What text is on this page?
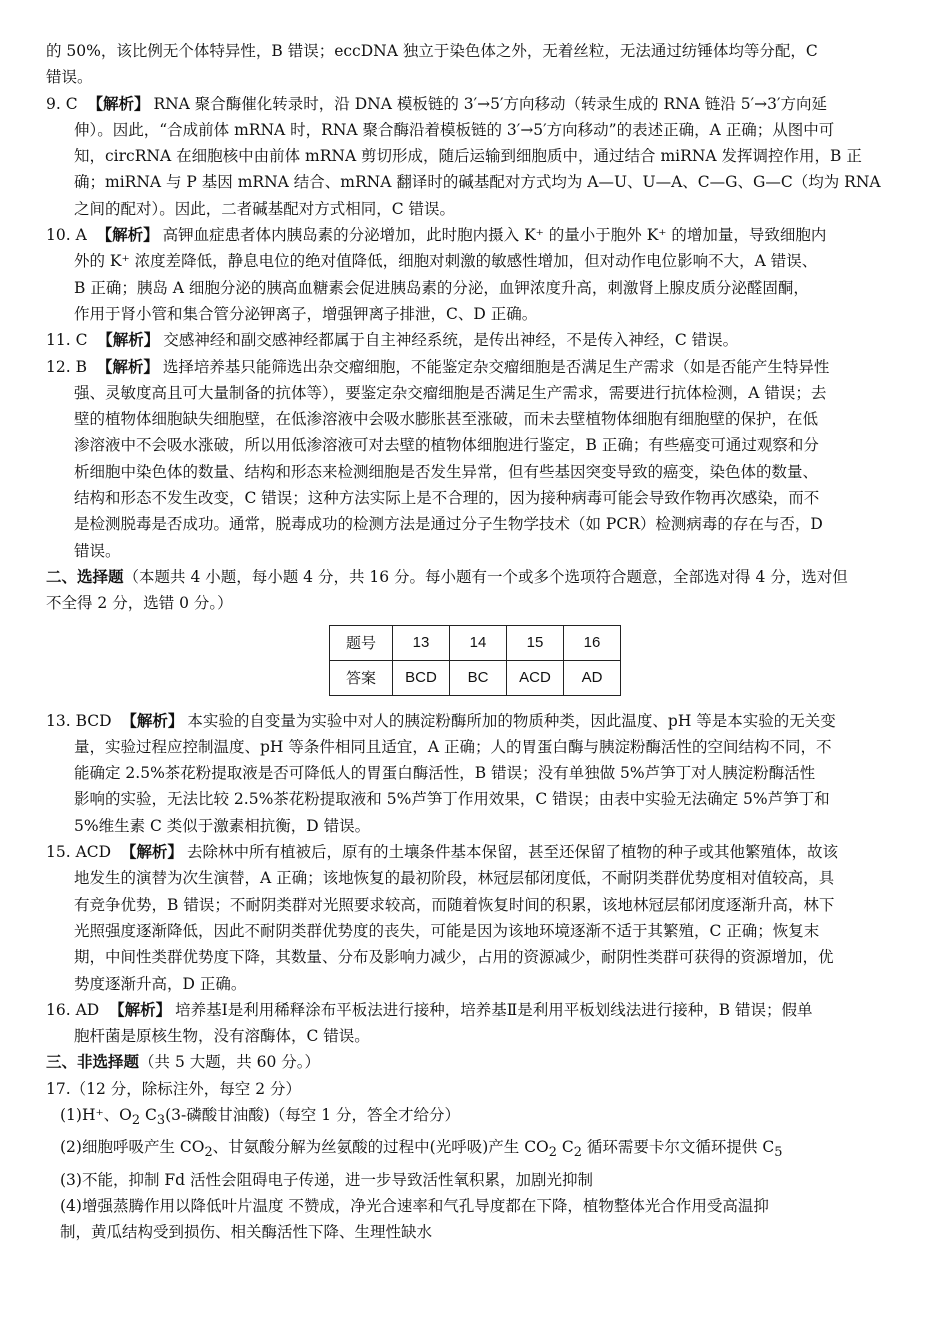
的 50%，该比例无个体特异性，B 错误；eccDNA 独立于染色体之外，无着丝粒，无法通过纺锤体均等分配，C
错误。
9. C 【解析】 RNA 聚合酶催化转录时，沿 DNA 模板链的 3′→5′方向移动（转录生成的 RNA 链沿 5′→3′方向延
伸）。因此，“合成前体 mRNA 时，RNA 聚合酶沿着模板链的 3′→5′方向移动”的表述正确，A 正确；从图中可
知，circRNA 在细胞核中由前体 mRNA 剪切形成，随后运输到细胞质中，通过结合 miRNA 发挥调控作用，B 正
确；miRNA 与 P 基因 mRNA 结合、mRNA 翻译时的碱基配对方式均为 A—U、U—A、C—G、G—C（均为 RNA
之间的配对）。因此，二者碱基配对方式相同，C 错误。
10. A 【解析】 高钾血症患者体内胰岛素的分泌增加，此时胞内摄入 K⁺ 的量小于胞外 K⁺ 的增加量，导致细胞内
外的 K⁺ 浓度差降低，静息电位的绝对值降低，细胞对刺激的敏感性增加，但对动作电位影响不大，A 错误、
B 正确；胰岛 A 细胞分泌的胰高血糖素会促进胰岛素的分泌，血钾浓度升高，刺激肾上腺皮质分泌醛固酮，
作用于肾小管和集合管分泌钾离子，增强钾离子排泄，C、D 正确。
11. C 【解析】 交感神经和副交感神经都属于自主神经系统，是传出神经，不是传入神经，C 错误。
12. B 【解析】 选择培养基只能筛选出杂交瘤细胞，不能鉴定杂交瘤细胞是否满足生产需求（如是否能产生特异性
强、灵敏度高且可大量制备的抗体等），要鉴定杂交瘤细胞是否满足生产需求，需要进行抗体检测，A 错误；去
壁的植物体细胞缺失细胞壁，在低渗溶液中会吸水膨胀甚至涨破，而未去壁植物体细胞有细胞壁的保护，在低
渗溶液中不会吸水涨破，所以用低渗溶液可对去壁的植物体细胞进行鉴定，B 正确；有些癌变可通过观察和分
析细胞中染色体的数量、结构和形态来检测细胞是否发生异常，但有些基因突变导致的癌变，染色体的数量、
结构和形态不发生改变，C 错误；这种方法实际上是不合理的，因为接种病毒可能会导致作物再次感染，而不
是检测脱毒是否成功。通常，脱毒成功的检测方法是通过分子生物学技术（如 PCR）检测病毒的存在与否，D
错误。
二、选择题（本题共 4 小题，每小题 4 分，共 16 分。每小题有一个或多个选项符合题意，全部选对得 4 分，选对但
不全得 2 分，选错 0 分。）
题号	13	14	15	16
答案	BCD	BC	ACD	AD
13. BCD 【解析】 本实验的自变量为实验中对人的胰淀粉酶所加的物质种类，因此温度、pH 等是本实验的无关变
量，实验过程应控制温度、pH 等条件相同且适宜，A 正确；人的胃蛋白酶与胰淀粉酶活性的空间结构不同，不
能确定 2.5%茶花粉提取液是否可降低人的胃蛋白酶活性，B 错误；没有单独做 5%芦笋丁对人胰淀粉酶活性
影响的实验，无法比较 2.5%茶花粉提取液和 5%芦笋丁作用效果，C 错误；由表中实验无法确定 5%芦笋丁和
5%维生素 C 类似于激素相抗衡，D 错误。
15. ACD 【解析】 去除林中所有植被后，原有的土壤条件基本保留，甚至还保留了植物的种子或其他繁殖体，故该
地发生的演替为次生演替，A 正确；该地恢复的最初阶段，林冠层郁闭度低，不耐阴类群优势度相对值较高，具
有竞争优势，B 错误；不耐阴类群对光照要求较高，而随着恢复时间的积累，该地林冠层郁闭度逐渐升高，林下
光照强度逐渐降低，因此不耐阴类群优势度的丧失，可能是因为该地环境逐渐不适于其繁殖，C 正确；恢复末
期，中间性类群优势度下降，其数量、分布及影响力减少，占用的资源减少，耐阴性类群可获得的资源增加，优
势度逐渐升高，D 正确。
16. AD 【解析】 培养基Ⅰ是利用稀释涂布平板法进行接种，培养基Ⅱ是利用平板划线法进行接种，B 错误；假单
胞杆菌是原核生物，没有溶酶体，C 错误。
三、非选择题（共 5 大题，共 60 分。）
17.（12 分，除标注外，每空 2 分）
(1)H⁺、$O_2$ $C_3(3-$磷酸甘油酸)（每空 1 分，答全才给分）
(2)细胞呼吸产生 $CO_2$、甘氨酸分解为丝氨酸的过程中(光呼吸)产生 $CO_2$ $C_2$ 循环需要卡尔文循环提供 $C_5$
(3)不能，抑制 Fd 活性会阻碍电子传递，进一步导致活性氧积累，加剧光抑制
(4)增强蒸腾作用以降低叶片温度 不赞成，净光合速率和气孔导度都在下降，植物整体光合作用受高温抑
制，黄瓜结构受到损伤、相关酶活性下降、生理性缺水
